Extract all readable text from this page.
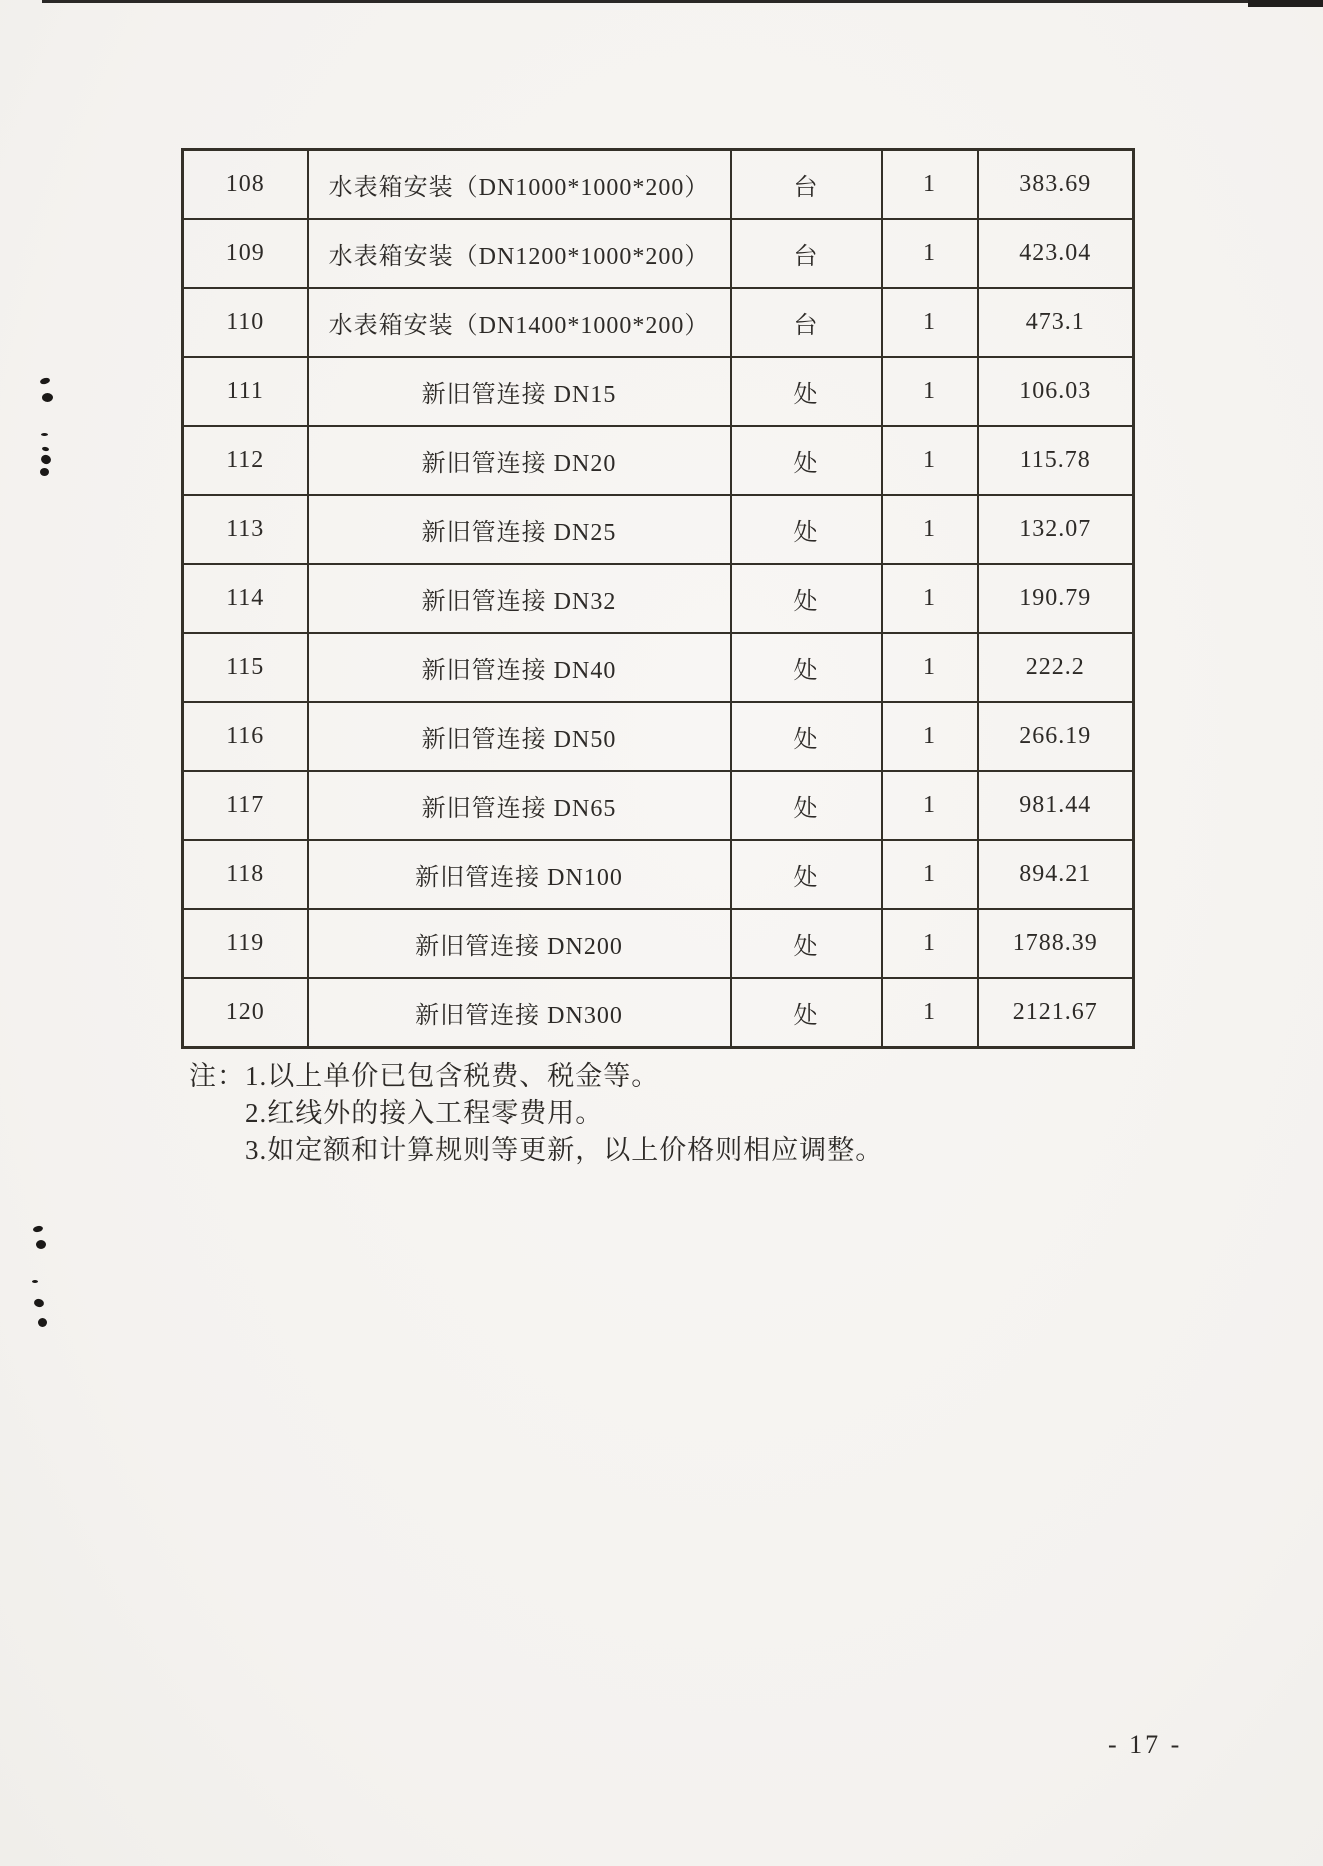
108	水表箱安装（DN1000*1000*200）	台	1	383.69
109	水表箱安装（DN1200*1000*200）	台	1	423.04
110	水表箱安装（DN1400*1000*200）	台	1	473.1
111	新旧管连接 DN15	处	1	106.03
112	新旧管连接 DN20	处	1	115.78
113	新旧管连接 DN25	处	1	132.07
114	新旧管连接 DN32	处	1	190.79
115	新旧管连接 DN40	处	1	222.2
116	新旧管连接 DN50	处	1	266.19
117	新旧管连接 DN65	处	1	981.44
118	新旧管连接 DN100	处	1	894.21
119	新旧管连接 DN200	处	1	1788.39
120	新旧管连接 DN300	处	1	2121.67
注：1.以上单价已包含税费、税金等。
2.红线外的接入工程零费用。
3.如定额和计算规则等更新，以上价格则相应调整。
- 17 -
